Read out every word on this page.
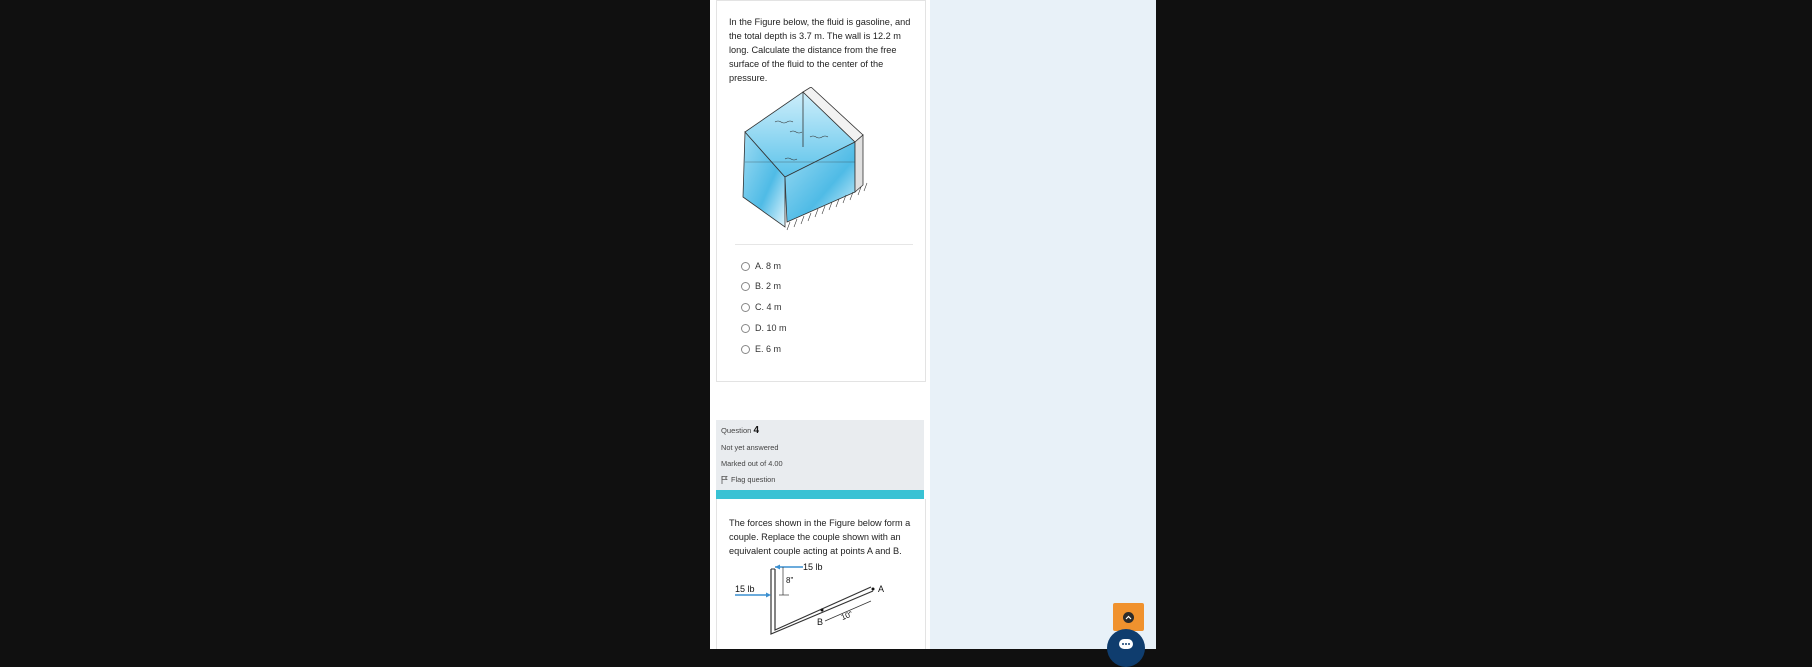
In the Figure below, the fluid is gasoline, and the total depth is 3.7 m. The wall is 12.2 m long. Calculate the distance from the free surface of the fluid to the center of the pressure.

A. 8 m
B. 2 m
C. 4 m
D. 10 m
E. 6 m
Question 4
Not yet answered
Marked out of 4.00
Flag question

The forces shown in the Figure below form a couple. Replace the couple shown with an equivalent couple acting at points A and B.

15 lb
15 lb
8"
A
B 10"
